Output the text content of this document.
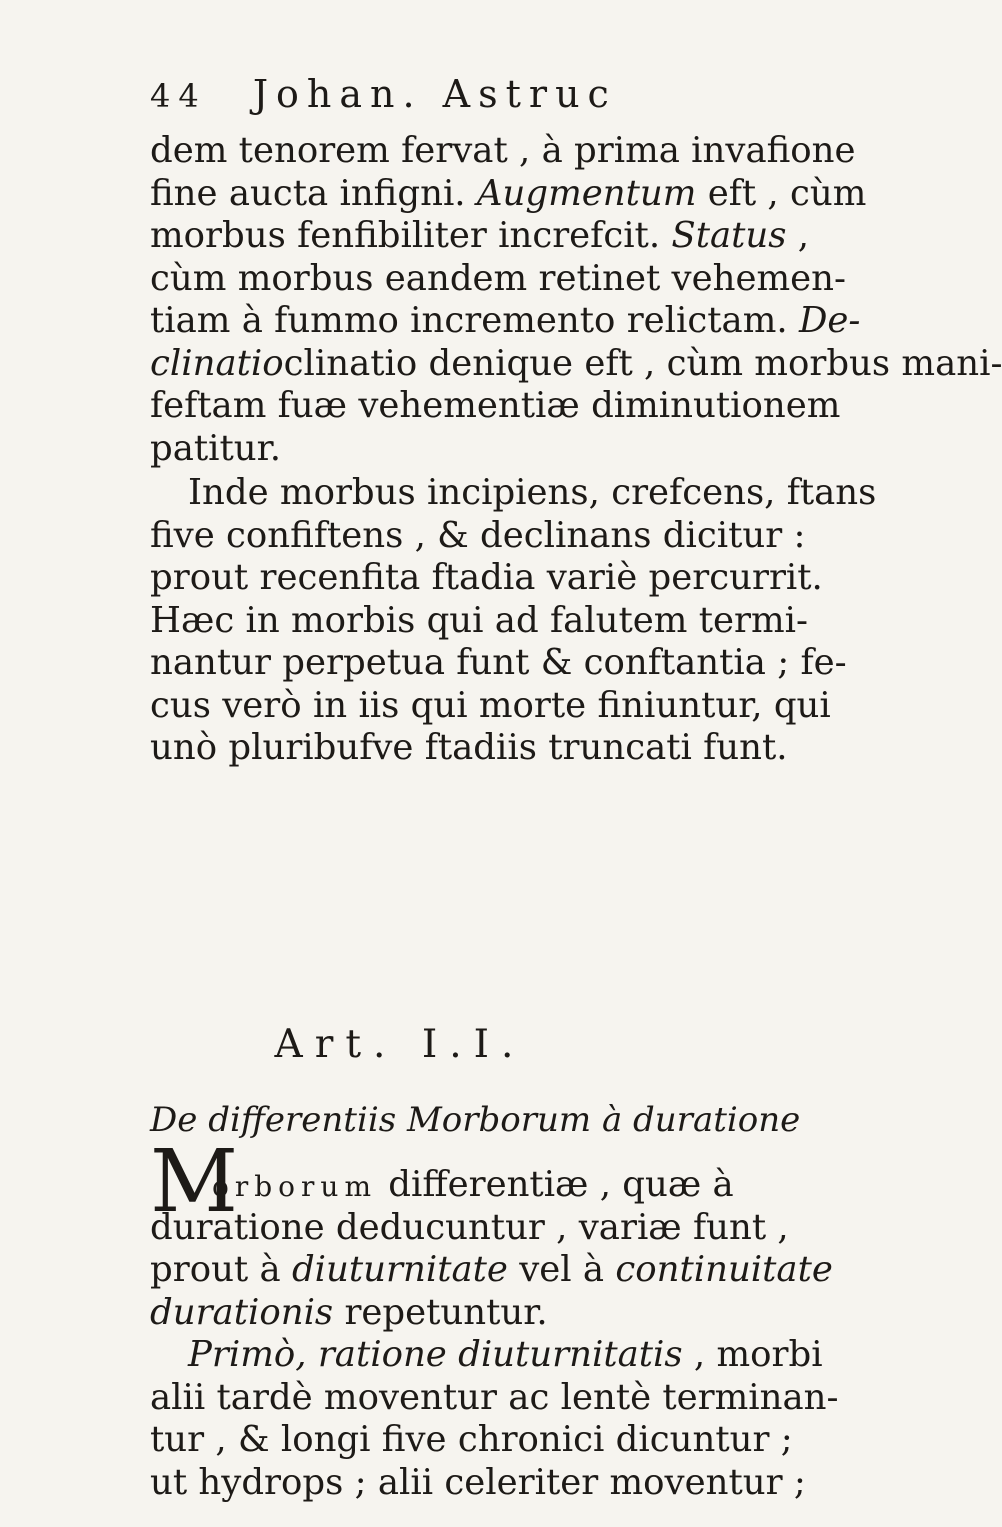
44 Johan. Astruc
dem tenorem fervat , à prima invafione
fine aucta infigni. Augmentum eft , cùm
morbus fenfibiliter increfcit. Status ,
cùm morbus eandem retinet vehemen-
tiam à fummo incremento relictam. De-
clinatioclinatio denique eft , cùm morbus mani-
feftam fuæ vehementiæ diminutionem
patitur.
Inde morbus incipiens, crefcens, ftans
five confiftens , & declinans dicitur :
prout recenfita ftadia variè percurrit.
Hæc in morbis qui ad falutem termi-
nantur perpetua funt & conftantia ; fe-
cus verò in iis qui morte finiuntur, qui
unò pluribufve ftadiis truncati funt.
Art. I.I.
De differentiis Morborum à duratione
M
orborum differentiæ , quæ à
duratione deducuntur , variæ funt ,
prout à diuturnitate vel à continuitate
durationis repetuntur.
Primò, ratione diuturnitatis , morbi
alii tardè moventur ac lentè terminan-
tur , & longi five chronici dicuntur ;
ut hydrops ; alii celeriter moventur ;
